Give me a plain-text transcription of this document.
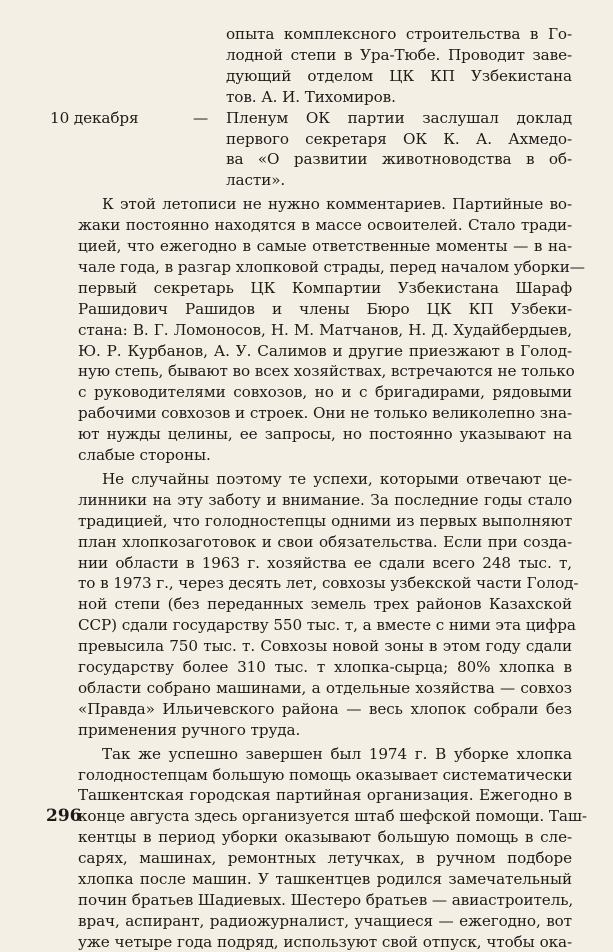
опыта комплексного строительства в Го-
лодной степи в Ура-Тюбе. Проводит заве-
дующий отделом ЦК КП Узбекистана
тов. А. И. Тихомиров.
10 декабря	— Пленум ОК партии заслушал доклад
первого секретаря ОК К. А. Ахмедо-
ва «О развитии животноводства в об-
ласти».
К этой летописи не нужно комментариев. Партийные во-
жаки постоянно находятся в массе освоителей. Стало тради-
цией, что ежегодно в самые ответственные моменты — в на-
чале года, в разгар хлопковой страды, перед началом уборки—
первый секретарь ЦК Компартии Узбекистана Шараф
Рашидович Рашидов и члены Бюро ЦК КП Узбеки-
стана: В. Г. Ломоносов, Н. М. Матчанов, Н. Д. Худайбердыев,
Ю. Р. Курбанов, А. У. Салимов и другие приезжают в Голод-
ную степь, бывают во всех хозяйствах, встречаются не только
с руководителями совхозов, но и с бригадирами, рядовыми
рабочими совхозов и строек. Они не только великолепно зна-
ют нужды целины, ее запросы, но постоянно указывают на
слабые стороны.
Не случайны поэтому те успехи, которыми отвечают це-
линники на эту заботу и внимание. За последние годы стало
традицией, что голодностепцы одними из первых выполняют
план хлопкозаготовок и свои обязательства. Если при созда-
нии области в 1963 г. хозяйства ее сдали всего 248 тыс. т,
то в 1973 г., через десять лет, совхозы узбекской части Голод-
ной степи (без переданных земель трех районов Казахской
ССР) сдали государству 550 тыс. т, а вместе с ними эта цифра
превысила 750 тыс. т. Совхозы новой зоны в этом году сдали
государству более 310 тыс. т хлопка-сырца; 80% хлопка в
области собрано машинами, а отдельные хозяйства — совхоз
«Правда» Ильичевского района — весь хлопок собрали без
применения ручного труда.
Так же успешно завершен был 1974 г. В уборке хлопка
голодностепцам большую помощь оказывает систематически
Ташкентская городская партийная организация. Ежегодно в
конце августа здесь организуется штаб шефской помощи. Таш-
кентцы в период уборки оказывают большую помощь в сле-
сарях, машинах, ремонтных летучках, в ручном подборе
хлопка после машин. У ташкентцев родился замечательный
почин братьев Шадиевых. Шестеро братьев — авиастроитель,
врач, аспирант, радиожурналист, учащиеся — ежегодно, вот
уже четыре года подряд, используют свой отпуск, чтобы ока-
296
